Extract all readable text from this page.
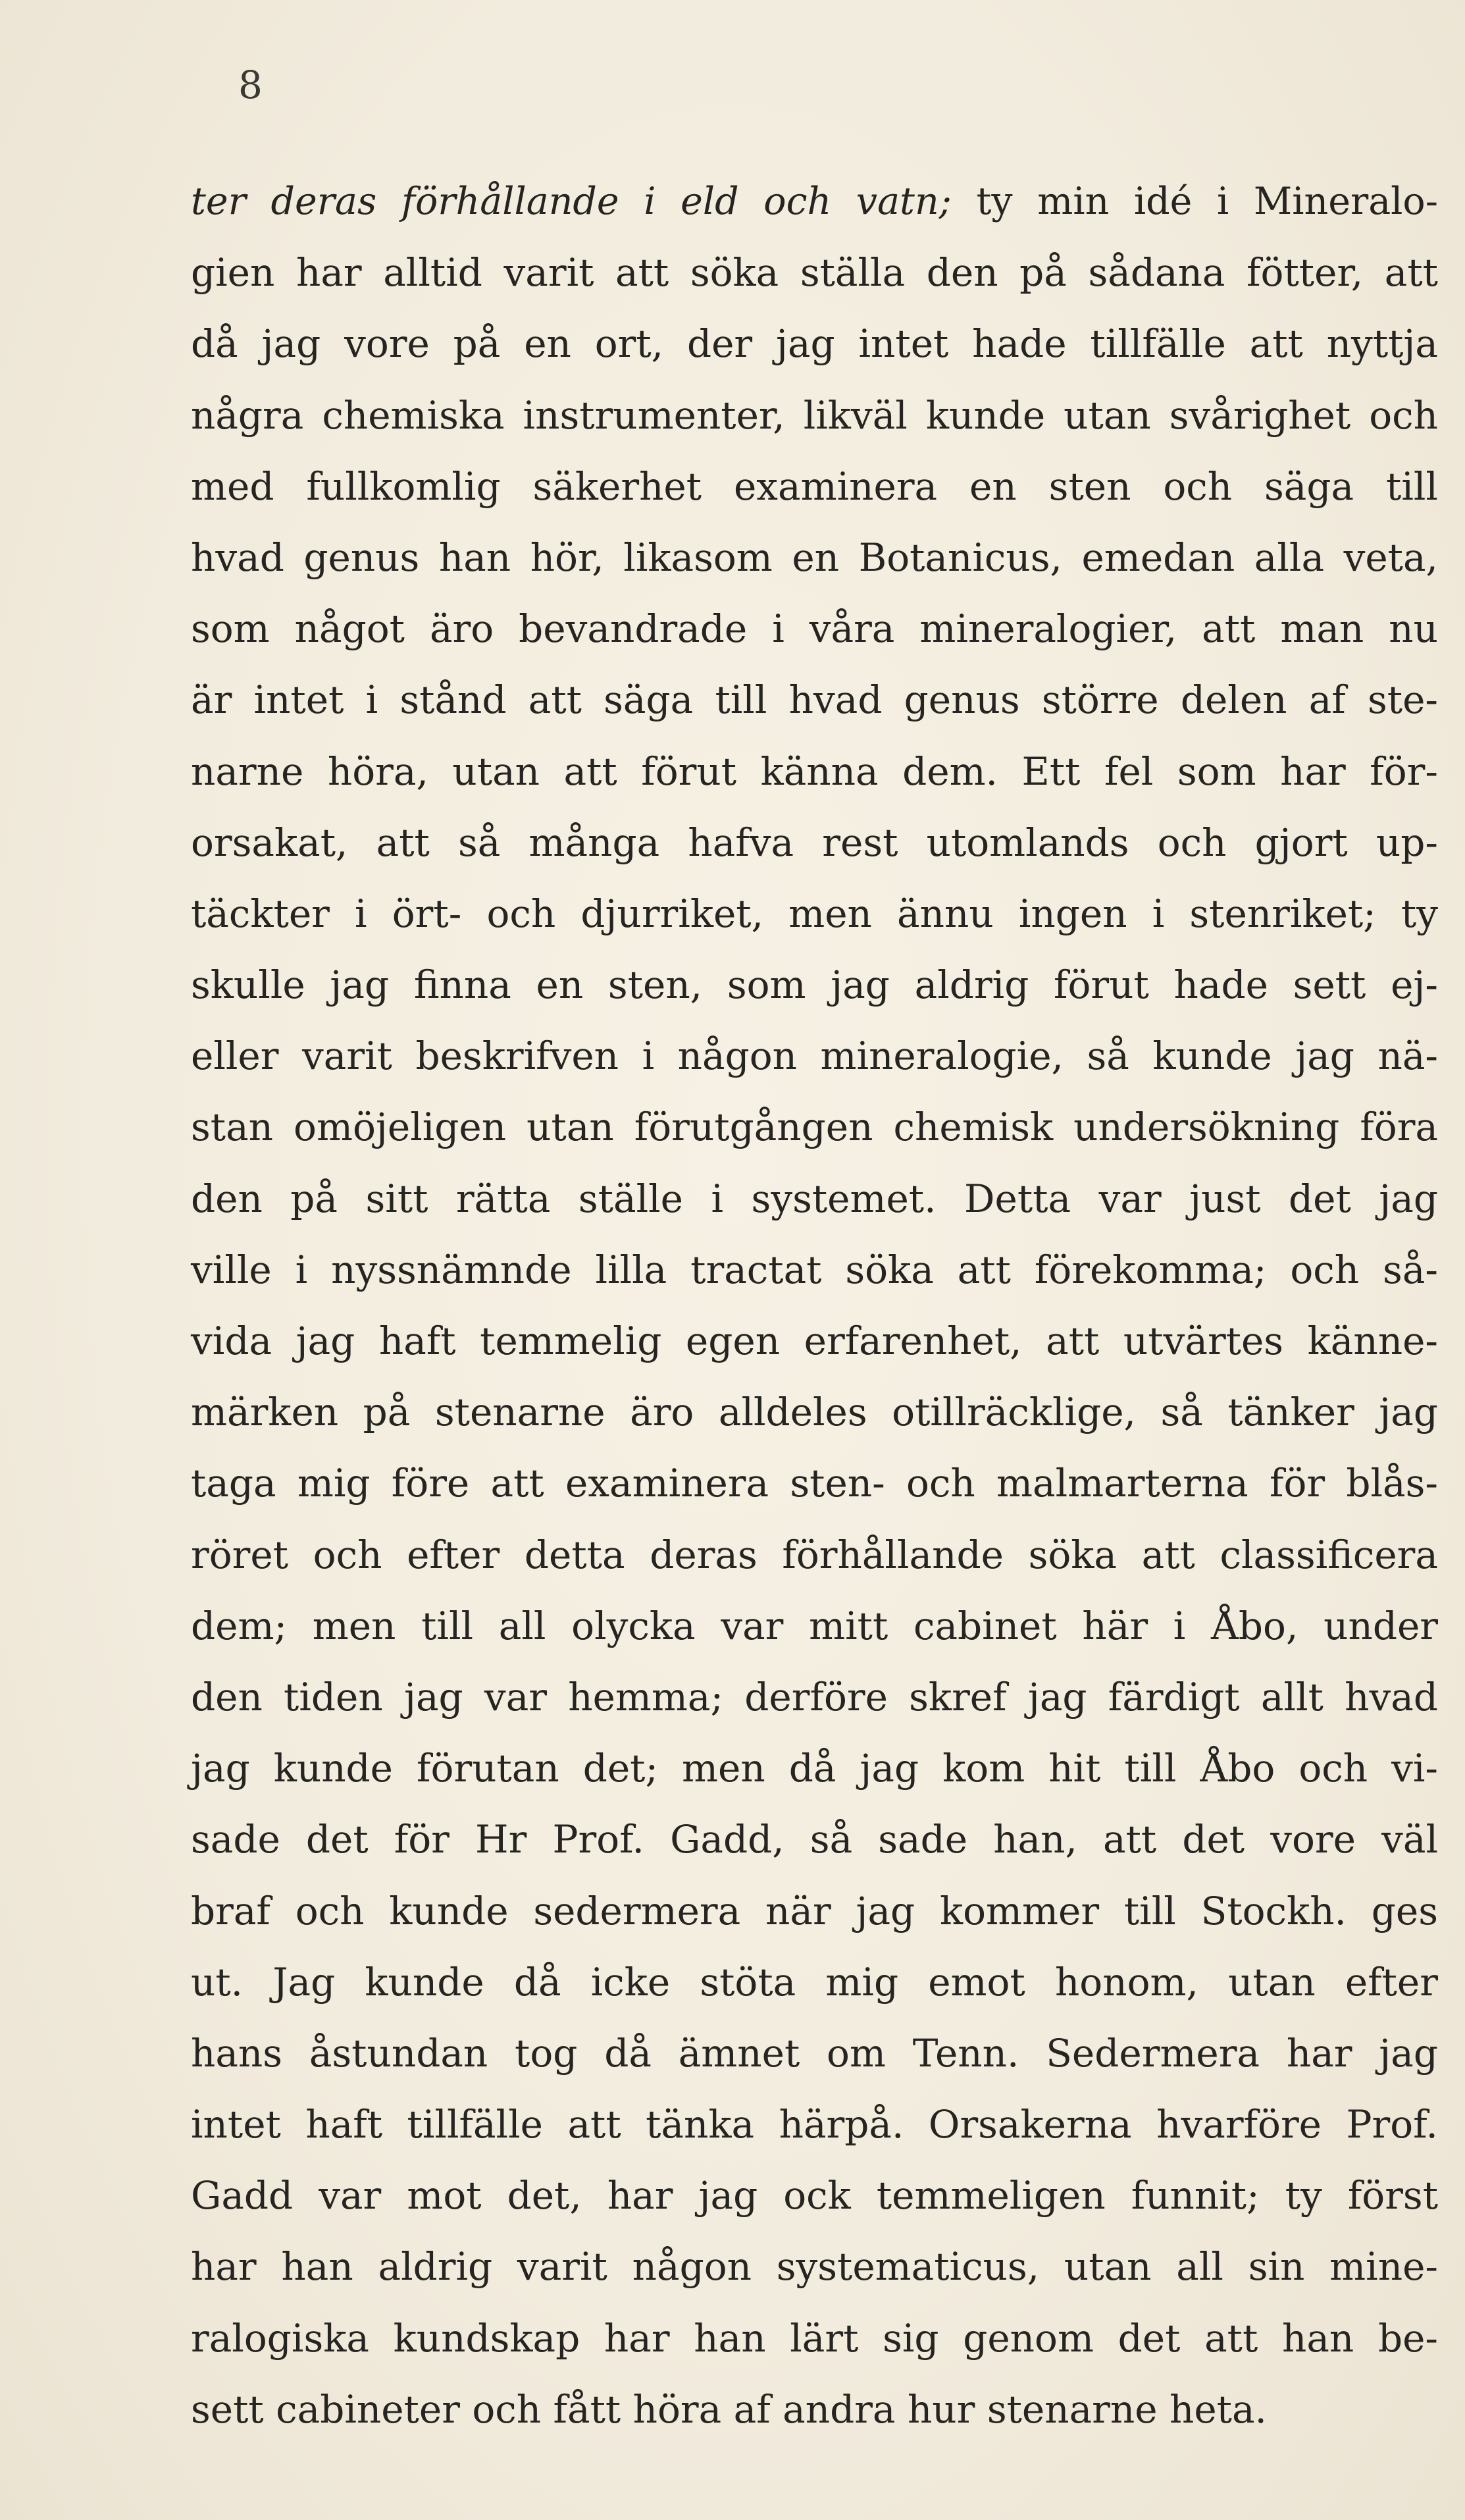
8
ter deras förhållande i eld och vatn; ty min idé i Mineralo-
gien har alltid varit att söka ställa den på sådana fötter, att
då jag vore på en ort, der jag intet hade tillfälle att nyttja
några chemiska instrumenter, likväl kunde utan svårighet och
med fullkomlig säkerhet examinera en sten och säga till
hvad genus han hör, likasom en Botanicus, emedan alla veta,
som något äro bevandrade i våra mineralogier, att man nu
är intet i stånd att säga till hvad genus större delen af ste-
narne höra, utan att förut känna dem. Ett fel som har för-
orsakat, att så många hafva rest utomlands och gjort up-
täckter i ört- och djurriket, men ännu ingen i stenriket; ty
skulle jag finna en sten, som jag aldrig förut hade sett ej-
eller varit beskrifven i någon mineralogie, så kunde jag nä-
stan omöjeligen utan förutgången chemisk undersökning föra
den på sitt rätta ställe i systemet. Detta var just det jag
ville i nyssnämnde lilla tractat söka att förekomma; och så-
vida jag haft temmelig egen erfarenhet, att utvärtes känne-
märken på stenarne äro alldeles otillräcklige, så tänker jag
taga mig före att examinera sten- och malmarterna för blås-
röret och efter detta deras förhållande söka att classificera
dem; men till all olycka var mitt cabinet här i Åbo, under
den tiden jag var hemma; derföre skref jag färdigt allt hvad
jag kunde förutan det; men då jag kom hit till Åbo och vi-
sade det för Hr Prof. Gadd, så sade han, att det vore väl
braf och kunde sedermera när jag kommer till Stockh. ges
ut. Jag kunde då icke stöta mig emot honom, utan efter
hans åstundan tog då ämnet om Tenn. Sedermera har jag
intet haft tillfälle att tänka härpå. Orsakerna hvarföre Prof.
Gadd var mot det, har jag ock temmeligen funnit; ty först
har han aldrig varit någon systematicus, utan all sin mine-
ralogiska kundskap har han lärt sig genom det att han be-
sett cabineter och fått höra af andra hur stenarne heta.
